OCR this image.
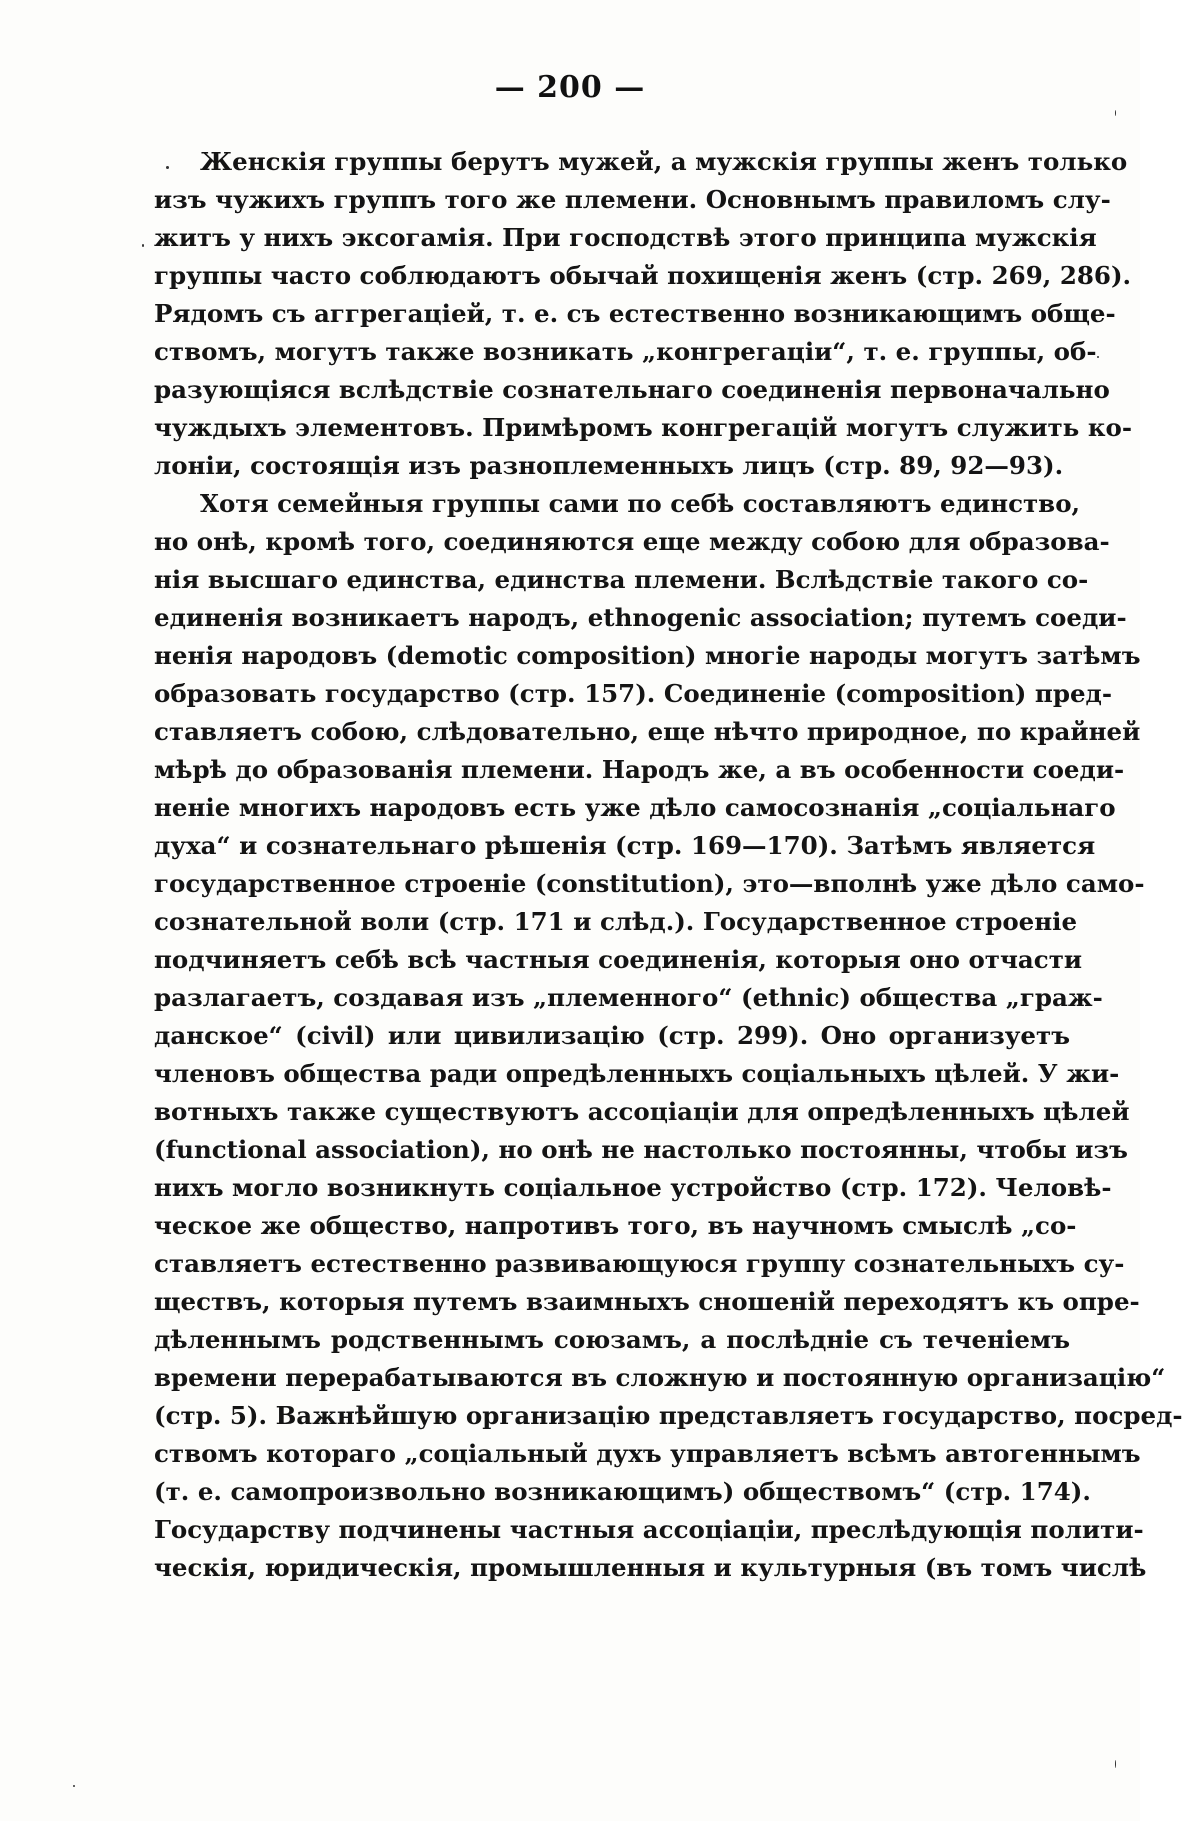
— 200 —
Женскія группы берутъ мужей, а мужскія группы женъ только
изъ чужихъ группъ того же племени. Основнымъ правиломъ слу-
житъ у нихъ эксогамія. При господствѣ этого принципа мужскія
группы часто соблюдаютъ обычай похищенія женъ (стр. 269, 286).
Рядомъ съ аггрегаціей, т. е. съ естественно возникающимъ обще-
ствомъ, могутъ также возникать „конгрегаціи“, т. е. группы, об-
разующіяся вслѣдствіе сознательнаго соединенія первоначально
чуждыхъ элементовъ. Примѣромъ конгрегацій могутъ служить ко-
лоніи, состоящія изъ разноплеменныхъ лицъ (стр. 89, 92—93).
Хотя семейныя группы сами по себѣ составляютъ единство,
но онѣ, кромѣ того, соединяются еще между собою для образова-
нія высшаго единства, единства племени. Вслѣдствіе такого со-
единенія возникаетъ народъ, ethnogenic association; путемъ соеди-
ненія народовъ (demotic composition) многіе народы могутъ затѣмъ
образовать государство (стр. 157). Соединеніе (composition) пред-
ставляетъ собою, слѣдовательно, еще нѣчто природное, по крайней
мѣрѣ до образованія племени. Народъ же, а въ особенности соеди-
неніе многихъ народовъ есть уже дѣло самосознанія „соціальнаго
духа“ и сознательнаго рѣшенія (стр. 169—170). Затѣмъ является
государственное строеніе (constitution), это—вполнѣ уже дѣло само-
сознательной воли (стр. 171 и слѣд.). Государственное строеніе
подчиняетъ себѣ всѣ частныя соединенія, которыя оно отчасти
разлагаетъ, создавая изъ „племенного“ (ethnic) общества „граж-
данское“ (civil) или цивилизацію (стр. 299). Оно организуетъ
членовъ общества ради опредѣленныхъ соціальныхъ цѣлей. У жи-
вотныхъ также существуютъ ассоціаціи для опредѣленныхъ цѣлей
(functional association), но онѣ не настолько постоянны, чтобы изъ
нихъ могло возникнуть соціальное устройство (стр. 172). Человѣ-
ческое же общество, напротивъ того, въ научномъ смыслѣ „со-
ставляетъ естественно развивающуюся группу сознательныхъ су-
ществъ, которыя путемъ взаимныхъ сношеній переходятъ къ опре-
дѣленнымъ родственнымъ союзамъ, а послѣдніе съ теченіемъ
времени перерабатываются въ сложную и постоянную организацію“
(стр. 5). Важнѣйшую организацію представляетъ государство, посред-
ствомъ котораго „соціальный духъ управляетъ всѣмъ автогеннымъ
(т. е. самопроизвольно возникающимъ) обществомъ“ (стр. 174).
Государству подчинены частныя ассоціаціи, преслѣдующія полити-
ческія, юридическія, промышленныя и культурныя (въ томъ числѣ
